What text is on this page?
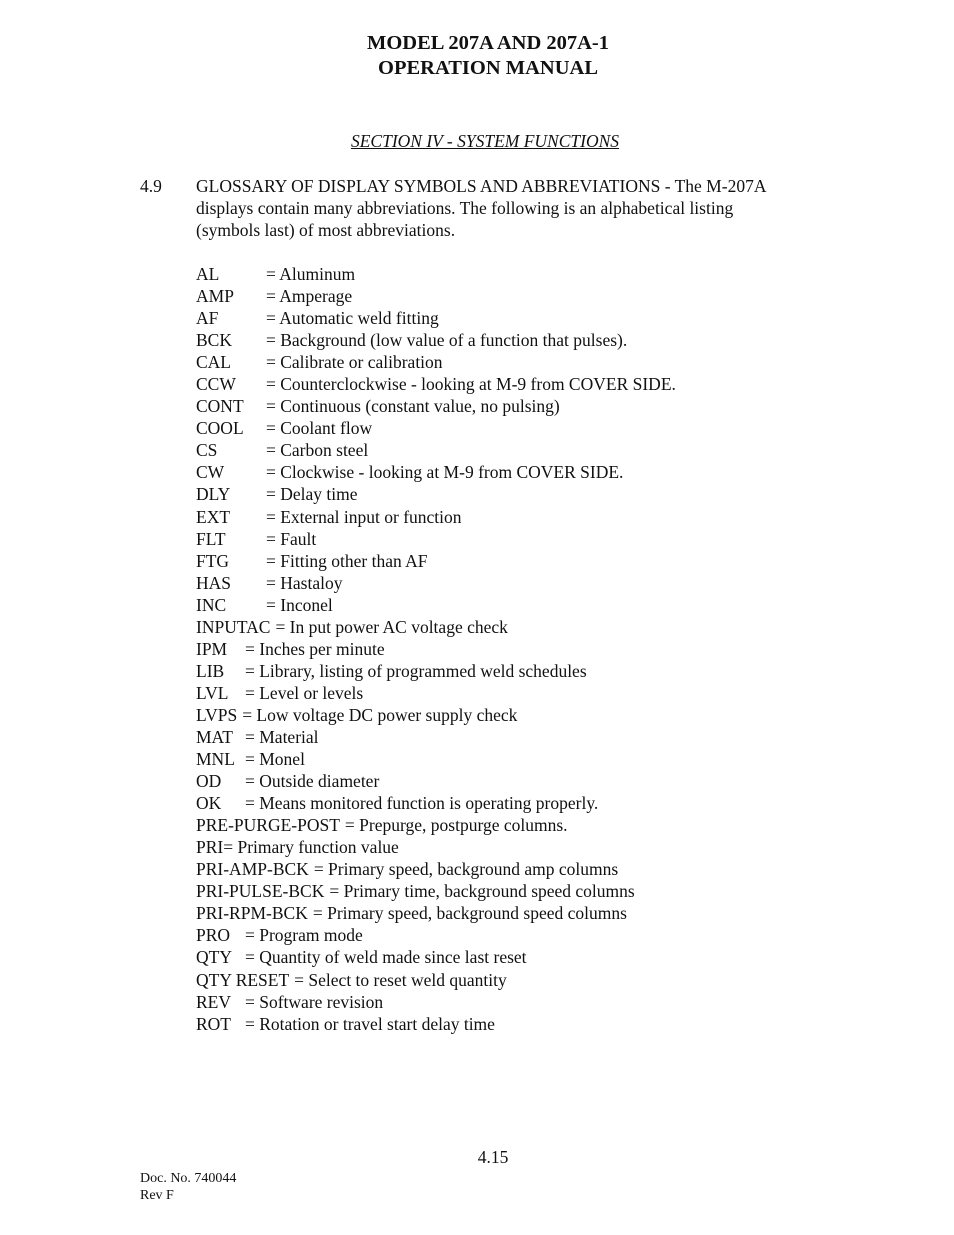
MODEL 207A AND 207A-1
OPERATION MANUAL
SECTION IV - SYSTEM FUNCTIONS
4.9 GLOSSARY OF DISPLAY SYMBOLS AND ABBREVIATIONS - The M-207A
displays contain many abbreviations. The following is an alphabetical listing
(symbols last) of most abbreviations.
AL	= Aluminum
AMP = Amperage
AF	= Automatic weld fitting
BCK = Background (low value of a function that pulses).
CAL = Calibrate or calibration
CCW = Counterclockwise - looking at M-9 from COVER SIDE.
CONT = Continuous (constant value, no pulsing)
COOL = Coolant flow
CS	= Carbon steel
CW = Clockwise - looking at M-9 from COVER SIDE.
DLY = Delay time
EXT = External input or function
FLT = Fault
FTG = Fitting other than AF
HAS = Hastaloy
INC = Inconel
INPUTAC = In put power AC voltage check
IPM = Inches per minute
LIB = Library, listing of programmed weld schedules
LVL = Level or levels
LVPS = Low voltage DC power supply check
MAT = Material
MNL = Monel
OD = Outside diameter
OK = Means monitored function is operating properly.
PRE-PURGE-POST = Prepurge, postpurge columns.
PRI= Primary function value
PRI-AMP-BCK = Primary speed, background amp columns
PRI-PULSE-BCK = Primary time, background speed columns
PRI-RPM-BCK = Primary speed, background speed columns
PRO = Program mode
QTY = Quantity of weld made since last reset
QTY RESET = Select to reset weld quantity
REV = Software revision
ROT = Rotation or travel start delay time
4.15
Doc. No. 740044
Rev F
